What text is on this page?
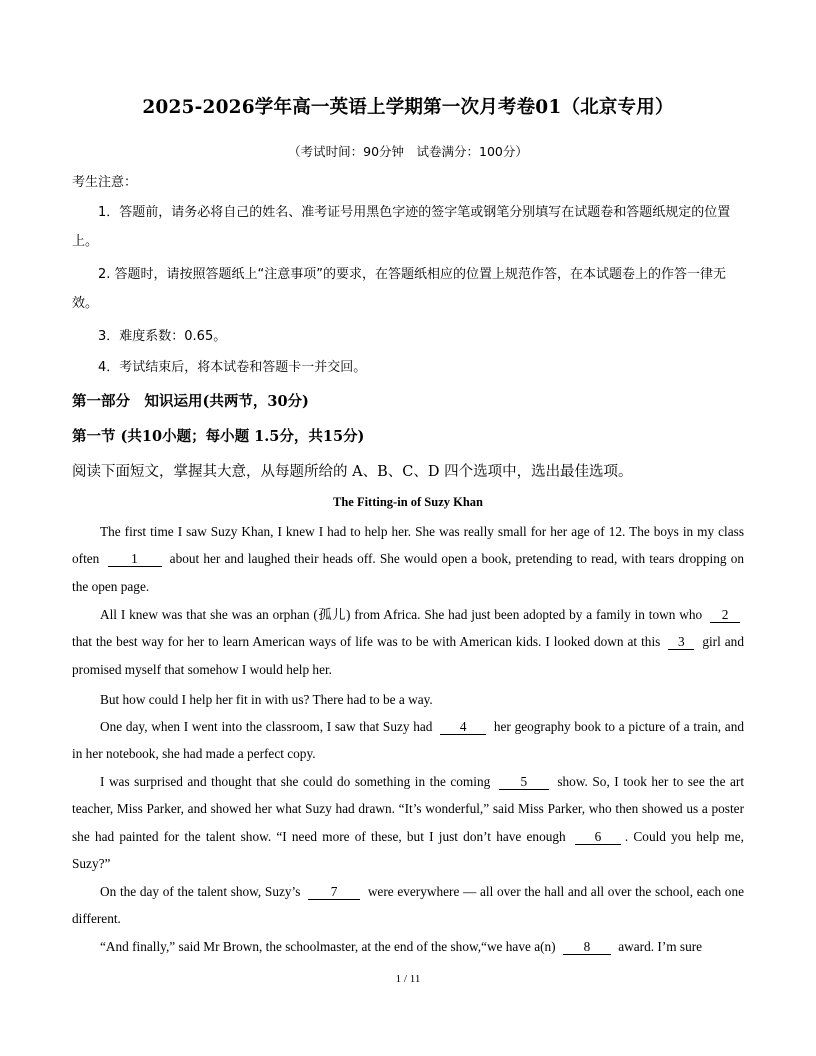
2025-2026学年高一英语上学期第一次月考卷01（北京专用）
（考试时间：90分钟　试卷满分：100分）
考生注意：
1．答题前，请务必将自己的姓名、准考证号用黑色字迹的签字笔或钢笔分别填写在试题卷和答题纸规定的位置上。
2. 答题时，请按照答题纸上“注意事项”的要求，在答题纸相应的位置上规范作答，在本试题卷上的作答一律无效。
3．难度系数：0.65。
4．考试结束后，将本试卷和答题卡一并交回。
第一部分　知识运用(共两节，30分)
第一节 (共10小题；每小题 1.5分，共15分)
阅读下面短文，掌握其大意，从每题所给的 A、B、C、D 四个选项中，选出最佳选项。
The Fitting-in of Suzy Khan
The first time I saw Suzy Khan, I knew I had to help her. She was really small for her age of 12. The boys in my class often 1 about her and laughed their heads off. She would open a book, pretending to read, with tears dropping on the open page.
All I knew was that she was an orphan (孤儿) from Africa. She had just been adopted by a family in town who 2 that the best way for her to learn American ways of life was to be with American kids. I looked down at this 3 girl and promised myself that somehow I would help her.
But how could I help her fit in with us? There had to be a way.
One day, when I went into the classroom, I saw that Suzy had 4 her geography book to a picture of a train, and in her notebook, she had made a perfect copy.
I was surprised and thought that she could do something in the coming 5 show. So, I took her to see the art teacher, Miss Parker, and showed her what Suzy had drawn. “It’s wonderful,” said Miss Parker, who then showed us a poster she had painted for the talent show. “I need more of these, but I just don’t have enough 6 . Could you help me, Suzy?”
On the day of the talent show, Suzy’s 7 were everywhere — all over the hall and all over the school, each one different.
“And finally,” said Mr Brown, the schoolmaster, at the end of the show,“we have a(n) 8 award. I’m sure
1 / 11
